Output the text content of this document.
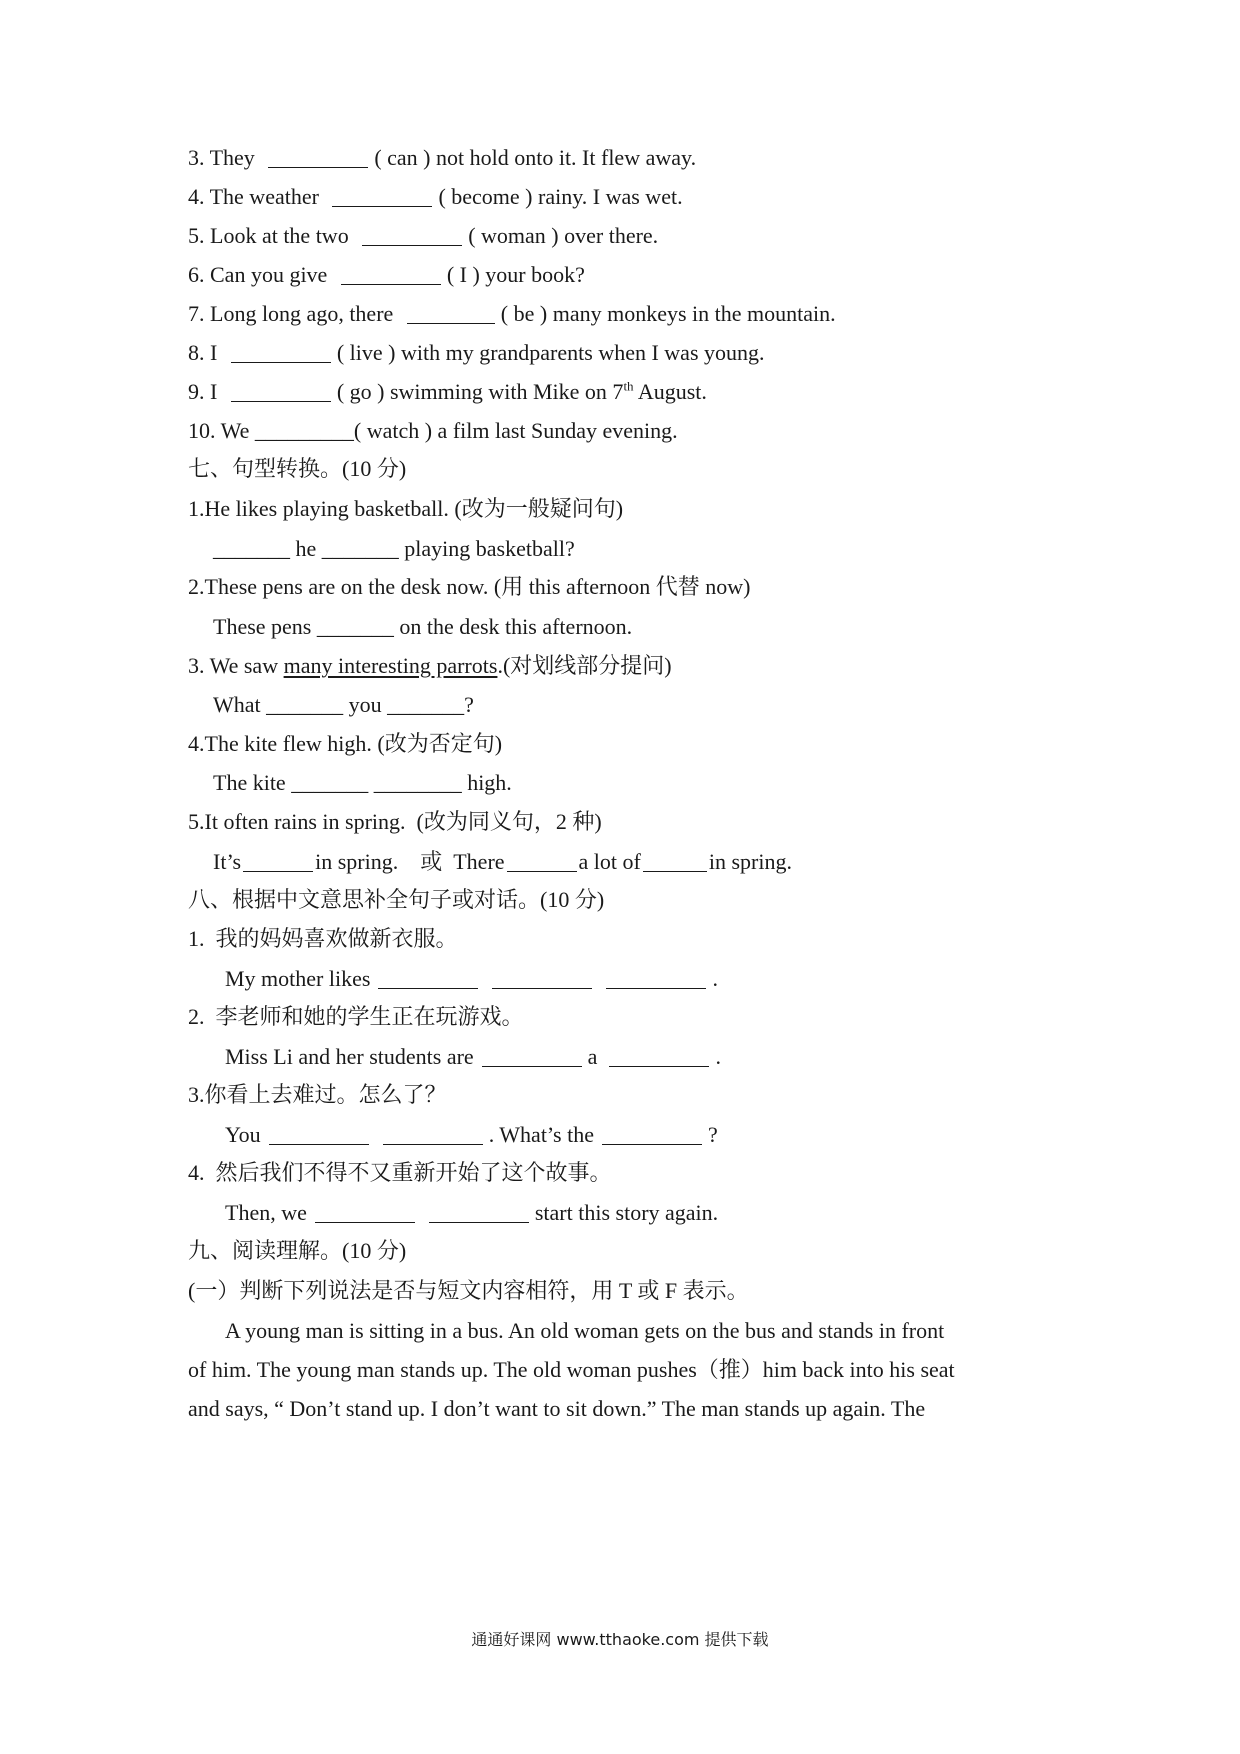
3. They	( can ) not hold onto it. It flew away.

4. The weather	( become ) rainy. I was wet.

5. Look at the two	( woman ) over there.

6. Can you give	( I ) your book?

7. Long long ago, there	( be ) many monkeys in the mountain.

8. I	( live ) with my grandparents when I was young.

9. I	( go ) swimming with Mike on 7th August.

10. We _________( watch ) a film last Sunday evening.

七、句型转换。(10 分)

1.He likes playing basketball. (改为一般疑问句)

_______ he _______ playing basketball?

2.These pens are on the desk now. (用 this afternoon 代替 now)

These pens _______ on the desk this afternoon.

3. We saw many interesting parrots.(对划线部分提问)

What _______ you _______?

4.The kite flew high. (改为否定句)

The kite _______ ________ high.

5.It often rains in spring.  (改为同义句，2 种)

It’s	in spring.    或  There	a lot of	in spring.

八、根据中文意思补全句子或对话。(10 分)

1.  我的妈妈喜欢做新衣服。

My mother likes	.

2.  李老师和她的学生正在玩游戏。

Miss Li and her students are	a	.

3.你看上去难过。怎么了？

You	. What’s the	?

4.  然后我们不得不又重新开始了这个故事。

Then, we	start this story again.

九、阅读理解。(10 分)

(一）判断下列说法是否与短文内容相符，用 T 或 F 表示。

A young man is sitting in a bus. An old woman gets on the bus and stands in front

of him. The young man stands up. The old woman pushes（推）him back into his seat

and says, “ Don’t stand up. I don’t want to sit down.” The man stands up again. The

通通好课网 www.tthaoke.com 提供下载
